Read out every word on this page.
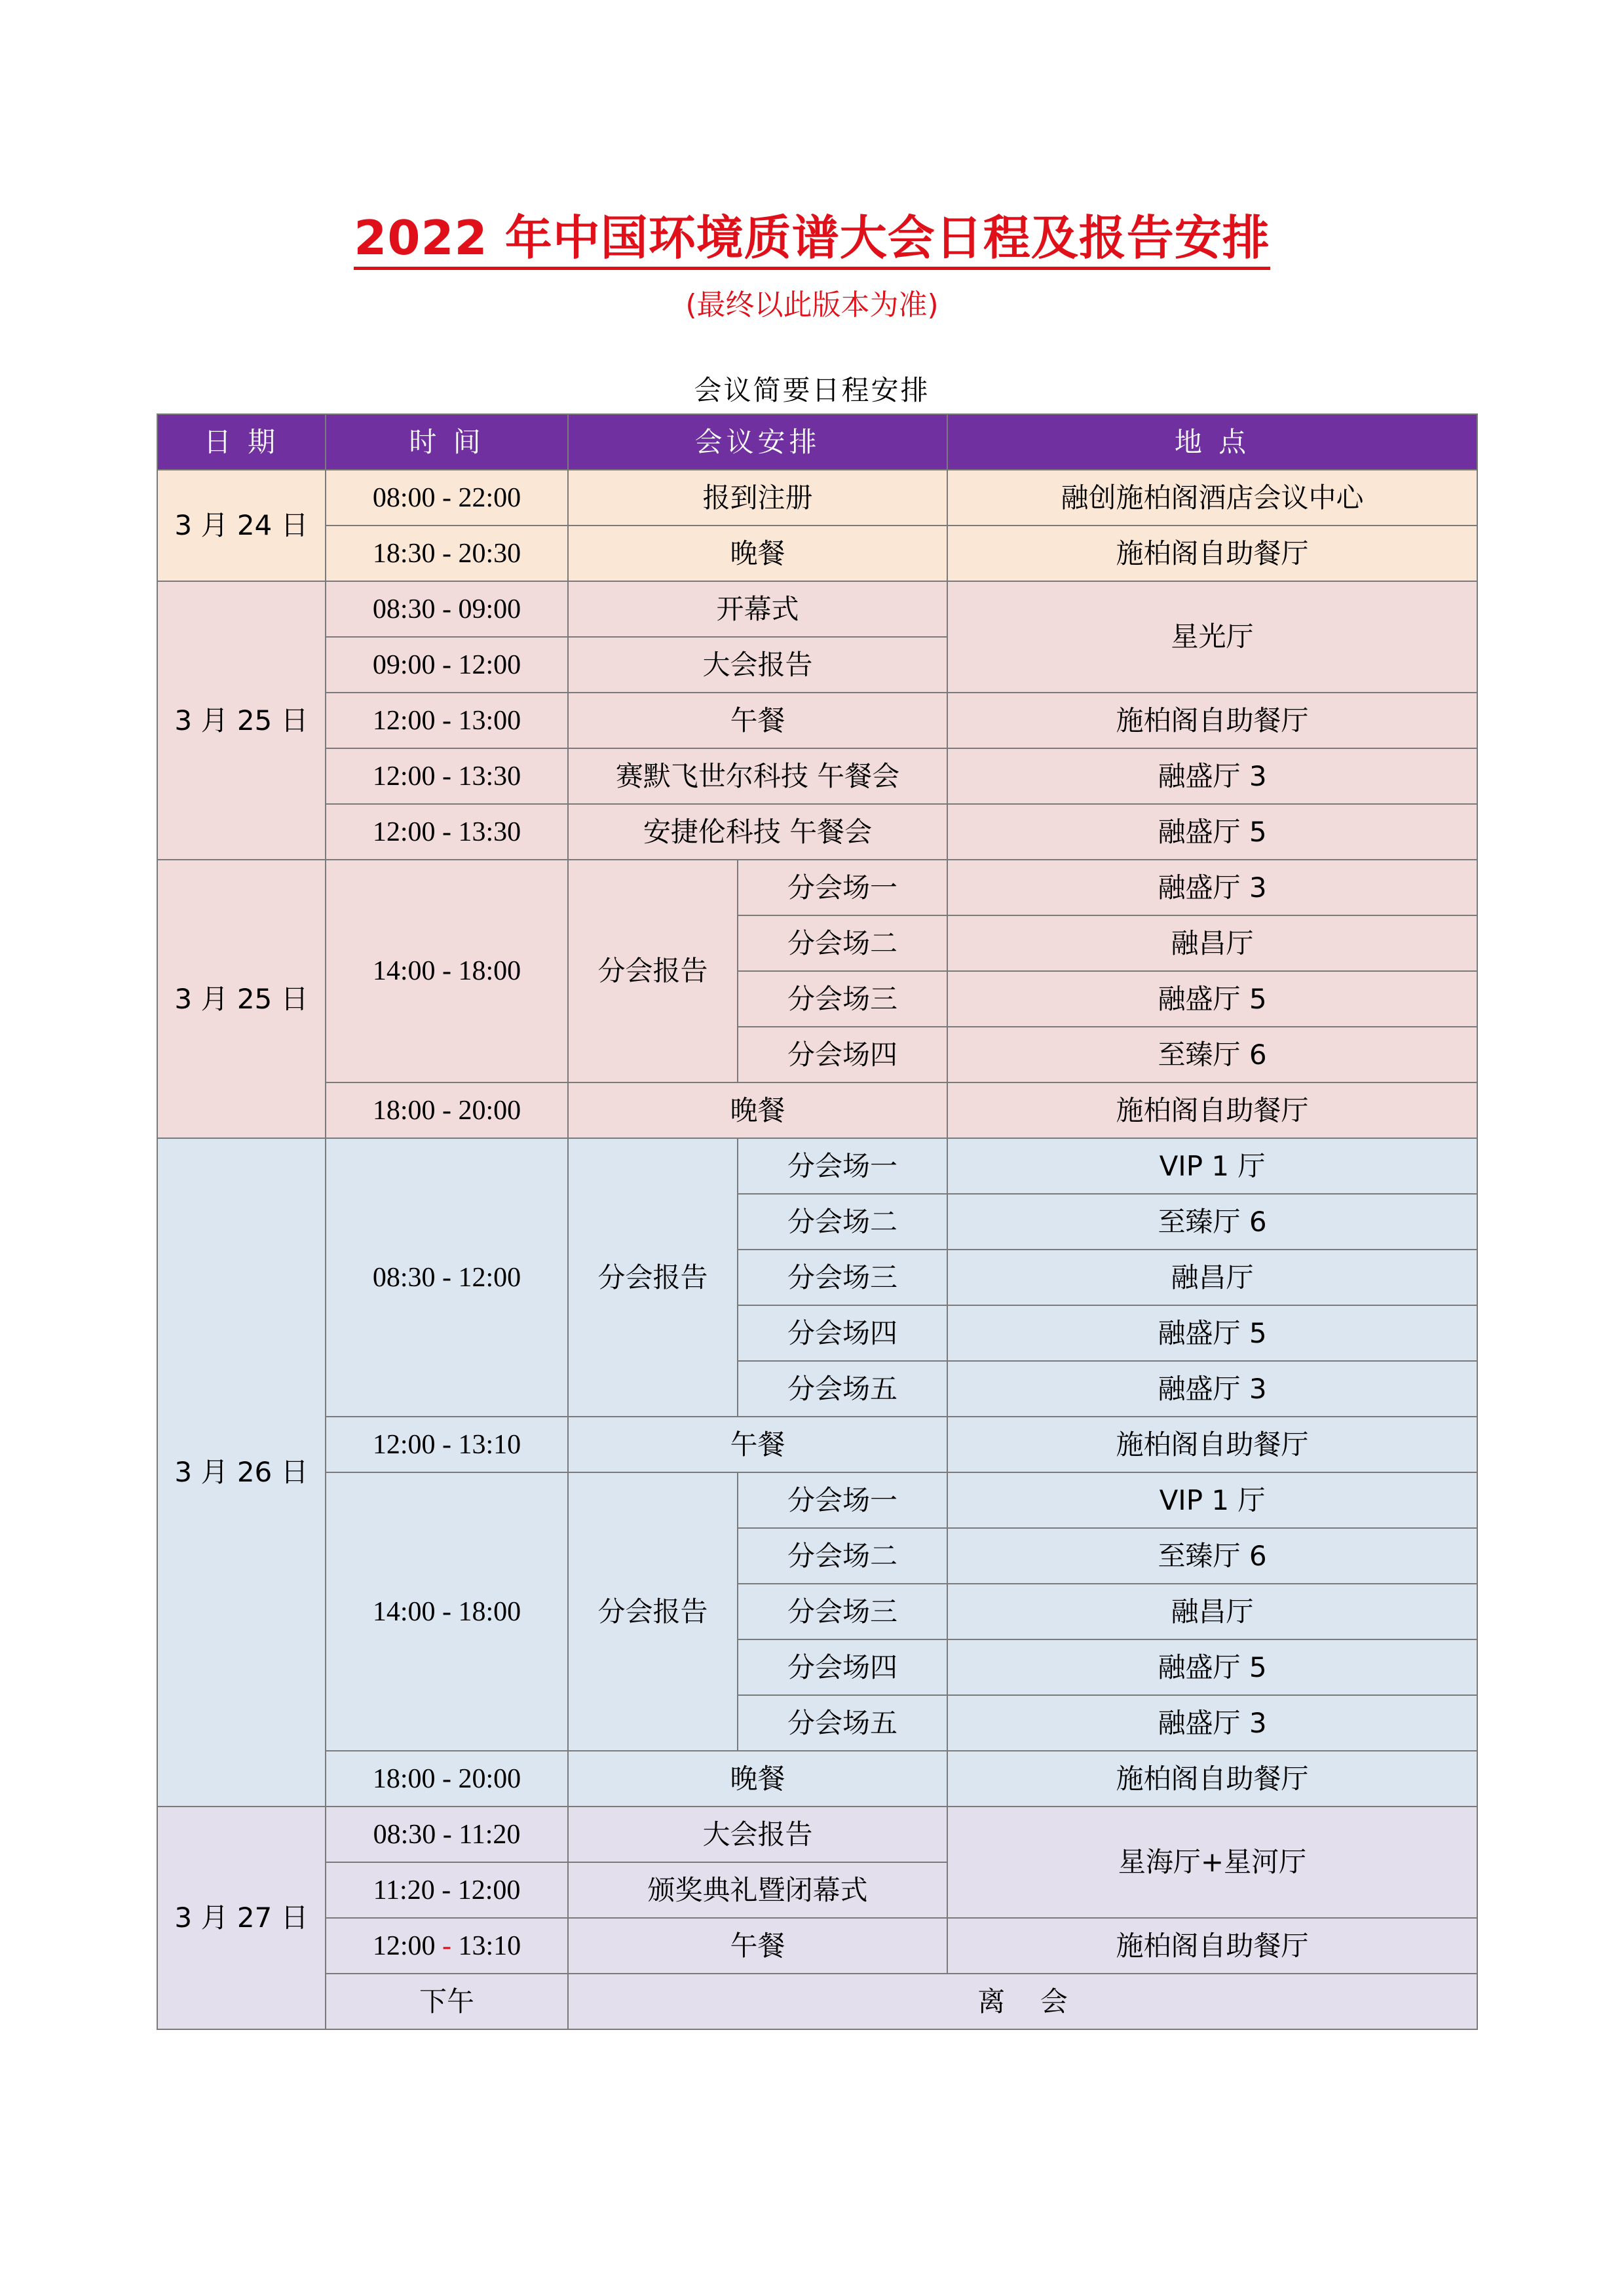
2022 年中国环境质谱大会日程及报告安排
(最终以此版本为准)
会议简要日程安排
日 期	时 间	会议安排		地 点
3 月 24 日	08:00 - 22:00	报到注册		融创施柏阁酒店会议中心
	18:30 - 20:30	晚餐		施柏阁自助餐厅
3 月 25 日	08:30 - 09:00	开幕式		星光厅
	09:00 - 12:00	大会报告		
	12:00 - 13:00	午餐		施柏阁自助餐厅
	12:00 - 13:30	赛默飞世尔科技 午餐会		融盛厅 3
	12:00 - 13:30	安捷伦科技 午餐会		融盛厅 5
3 月 25 日	14:00 - 18:00	分会报告	分会场一	融盛厅 3
			分会场二	融昌厅
			分会场三	融盛厅 5
			分会场四	至臻厅 6
	18:00 - 20:00	晚餐		施柏阁自助餐厅
3 月 26 日	08:30 - 12:00	分会报告	分会场一	VIP 1 厅
			分会场二	至臻厅 6
			分会场三	融昌厅
			分会场四	融盛厅 5
			分会场五	融盛厅 3
	12:00 - 13:10	午餐		施柏阁自助餐厅
	14:00 - 18:00	分会报告	分会场一	VIP 1 厅
			分会场二	至臻厅 6
			分会场三	融昌厅
			分会场四	融盛厅 5
			分会场五	融盛厅 3
	18:00 - 20:00	晚餐		施柏阁自助餐厅
3 月 27 日	08:30 - 11:20	大会报告		星海厅+星河厅
	11:20 - 12:00	颁奖典礼暨闭幕式		
	12:00 - 13:10	午餐		施柏阁自助餐厅
	下午	离    会		
